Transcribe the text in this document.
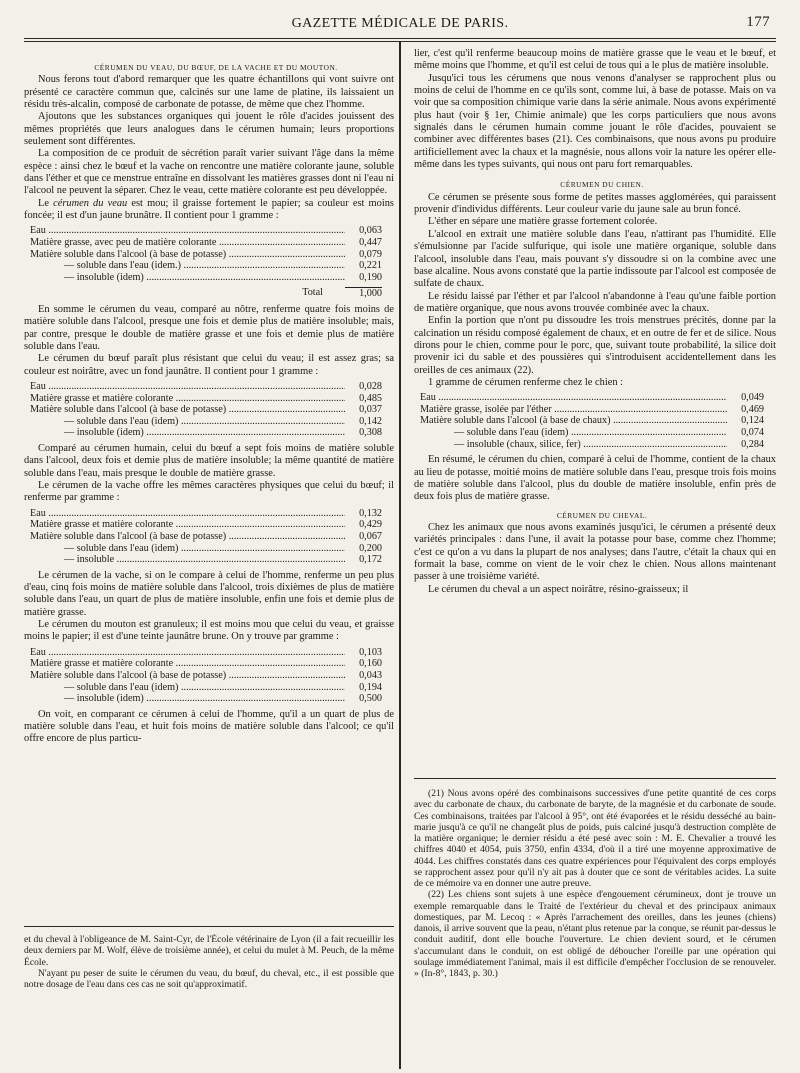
GAZETTE MÉDICALE DE PARIS.	177

CÉRUMEN DU VEAU, DU BŒUF, DE LA VACHE ET DU MOUTON.

Nous ferons tout d'abord remarquer que les quatre échantillons qui vont suivre ont présenté ce caractère commun que, calcinés sur une lame de platine, ils laissaient un résidu très-alcalin, composé de carbonate de potasse, de même que chez l'homme.

Ajoutons que les substances organiques qui jouent le rôle d'acides jouissent des mêmes propriétés que leurs analogues dans le cérumen humain; leurs proportions seulement sont différentes.

La composition de ce produit de sécrétion paraît varier suivant l'âge dans la même espèce : ainsi chez le bœuf et la vache on rencontre une matière colorante jaune, soluble dans l'éther et que ce menstrue entraîne en dissolvant les matières grasses dont ni l'eau ni l'alcool ne peuvent la séparer. Chez le veau, cette matière colorante est peu développée.

Le cérumen du veau est mou; il graisse fortement le papier; sa couleur est moins foncée; il est d'un jaune brunâtre. Il contient pour 1 gramme :

Eau .....	0,063
Matière grasse, avec peu de matière colorante .....	0,447
Matière soluble dans l'alcool (à base de potasse) .....	0,079
— soluble dans l'eau (idem.) .....	0,221
— insoluble (idem) .....	0,190
Total	1,000

En somme le cérumen du veau, comparé au nôtre, renferme quatre fois moins de matière soluble dans l'alcool, presque une fois et demie plus de matière insoluble; mais, par contre, presque le double de matière grasse et une fois et demie plus de matière soluble dans l'eau.

Le cérumen du bœuf paraît plus résistant que celui du veau; il est assez gras; sa couleur est noirâtre, avec un fond jaunâtre. Il contient pour 1 gramme :

Eau .....	0,028
Matière grasse et matière colorante .....	0,485
Matière soluble dans l'alcool (à base de potasse) .....	0,037
— soluble dans l'eau (idem) .....	0,142
— insoluble (idem) .....	0,308

Comparé au cérumen humain, celui du bœuf a sept fois moins de matière soluble dans l'alcool, deux fois et demie plus de matière insoluble; la même quantité de matière soluble dans l'eau, mais presque le double de matière grasse.

Le cérumen de la vache offre les mêmes caractères physiques que celui du bœuf; il renferme par gramme :

Eau .....	0,132
Matière grasse et matière colorante .....	0,429
Matière soluble dans l'alcool (à base de potasse) .....	0,067
— soluble dans l'eau (idem) .....	0,200
— insoluble .....	0,172

Le cérumen de la vache, si on le compare à celui de l'homme, renferme un peu plus d'eau, cinq fois moins de matière soluble dans l'alcool, trois dixièmes de plus de matière soluble dans l'eau, un quart de plus de matière insoluble, enfin une fois et demie plus de matière grasse.

Le cérumen du mouton est granuleux; il est moins mou que celui du veau, et graisse moins le papier; il est d'une teinte jaunâtre brune. On y trouve par gramme :

Eau .....	0,103
Matière grasse et matière colorante .....	0,160
Matière soluble dans l'alcool (à base de potasse) .....	0,043
— soluble dans l'eau (idem) .....	0,194
— insoluble (idem) .....	0,500

On voit, en comparant ce cérumen à celui de l'homme, qu'il a un quart de plus de matière soluble dans l'eau, et huit fois moins de matière soluble dans l'alcool; ce qu'il offre encore de plus particu-

et du cheval à l'obligeance de M. Saint-Cyr, de l'École vétérinaire de Lyon (il a fait recueillir les deux derniers par M. Wolf, élève de troisième année), et celui du mulet à M. Peuch, de la même École.

N'ayant pu peser de suite le cérumen du veau, du bœuf, du cheval, etc., il est possible que notre dosage de l'eau dans ces cas ne soit qu'approximatif.

lier, c'est qu'il renferme beaucoup moins de matière grasse que le veau et le bœuf, et même moins que l'homme, et qu'il est celui de tous qui a le plus de matière insoluble.

Jusqu'ici tous les cérumens que nous venons d'analyser se rapprochent plus ou moins de celui de l'homme en ce qu'ils sont, comme lui, à base de potasse. Mais on va voir que sa composition chimique varie dans la série animale. Nous avons expérimenté plus haut (voir § 1er, Chimie animale) que les corps particuliers que nous avons signalés dans le cérumen humain comme jouant le rôle d'acides, pouvaient se combiner avec différentes bases (21). Ces combinaisons, que nous avons pu produire artificiellement avec la chaux et la magnésie, nous allons voir la nature les opérer elle-même dans les types suivants, qui nous ont paru fort remarquables.

CÉRUMEN DU CHIEN.

Ce cérumen se présente sous forme de petites masses agglomérées, qui paraissent provenir d'individus différents. Leur couleur varie du jaune sale au brun foncé.

L'éther en sépare une matière grasse fortement colorée.

L'alcool en extrait une matière soluble dans l'eau, n'attirant pas l'humidité. Elle s'émulsionne par l'acide sulfurique, qui isole une matière organique, soluble dans l'alcool, insoluble dans l'eau, mais pouvant s'y dissoudre si on la combine avec une base alcaline. Nous avons constaté que la partie indissoute par l'alcool est composée de sulfate de chaux.

Le résidu laissé par l'éther et par l'alcool n'abandonne à l'eau qu'une faible portion de matière organique, que nous avons trouvée combinée avec la chaux.

Enfin la portion que n'ont pu dissoudre les trois menstrues précités, donne par la calcination un résidu composé également de chaux, et en outre de fer et de silice. Nous dirons pour le chien, comme pour le porc, que, suivant toute probabilité, la silice doit provenir ici du sable et des poussières qui s'introduisent accidentellement dans les oreilles de ces animaux (22).

1 gramme de cérumen renferme chez le chien :

Eau .....	0,049
Matière grasse, isolée par l'éther .....	0,469
Matière soluble dans l'alcool (à base de chaux) .....	0,124
— soluble dans l'eau (idem) .....	0,074
— insoluble (chaux, silice, fer) .....	0,284

En résumé, le cérumen du chien, comparé à celui de l'homme, contient de la chaux au lieu de potasse, moitié moins de matière soluble dans l'eau, presque trois fois moins de matière soluble dans l'alcool, plus du double de matière insoluble, enfin près de deux fois plus de matière grasse.

CÉRUMEN DU CHEVAL.

Chez les animaux que nous avons examinés jusqu'ici, le cérumen a présenté deux variétés principales : dans l'une, il avait la potasse pour base, comme chez l'homme; c'est ce qu'on a vu dans la plupart de nos analyses; dans l'autre, c'était la chaux qui en formait la base, comme on vient de le voir chez le chien. Nous allons maintenant passer à une troisième variété.

Le cérumen du cheval a un aspect noirâtre, résino-graisseux; il

(21) Nous avons opéré des combinaisons successives d'une petite quantité de ces corps avec du carbonate de chaux, du carbonate de baryte, de la magnésie et du carbonate de soude. Ces combinaisons, traitées par l'alcool à 95°, ont été évaporées et le résidu desséché au bain-marie jusqu'à ce qu'il ne changeât plus de poids, puis calciné jusqu'à destruction complète de la matière organique; le dernier résidu a été pesé avec soin : M. E. Chevalier a trouvé les chiffres 4040 et 4054, puis 3750, enfin 4334, d'où il a tiré une moyenne approximative de 4044. Les chiffres constatés dans ces quatre expériences pour l'équivalent des corps employés se rapprochent assez pour qu'il n'y ait pas à douter que ce sont de véritables acides. La suite de ce mémoire va en donner une autre preuve.

(22) Les chiens sont sujets à une espèce d'engouement cérumineux, dont je trouve un exemple remarquable dans le Traité de l'extérieur du cheval et des principaux animaux domestiques, par M. Lecoq : « Après l'arrachement des oreilles, dans les jeunes (chiens) danois, il arrive souvent que la peau, n'étant plus retenue par la conque, se réunit par-dessus le conduit auditif, dont elle bouche l'ouverture. Le chien devient sourd, et le cérumen s'accumulant dans le conduit, on est obligé de déboucher l'oreille par une opération qui soulage immédiatement l'animal, mais il est difficile d'empêcher l'occlusion de se renouveler. » (In-8°, 1843, p. 30.)
